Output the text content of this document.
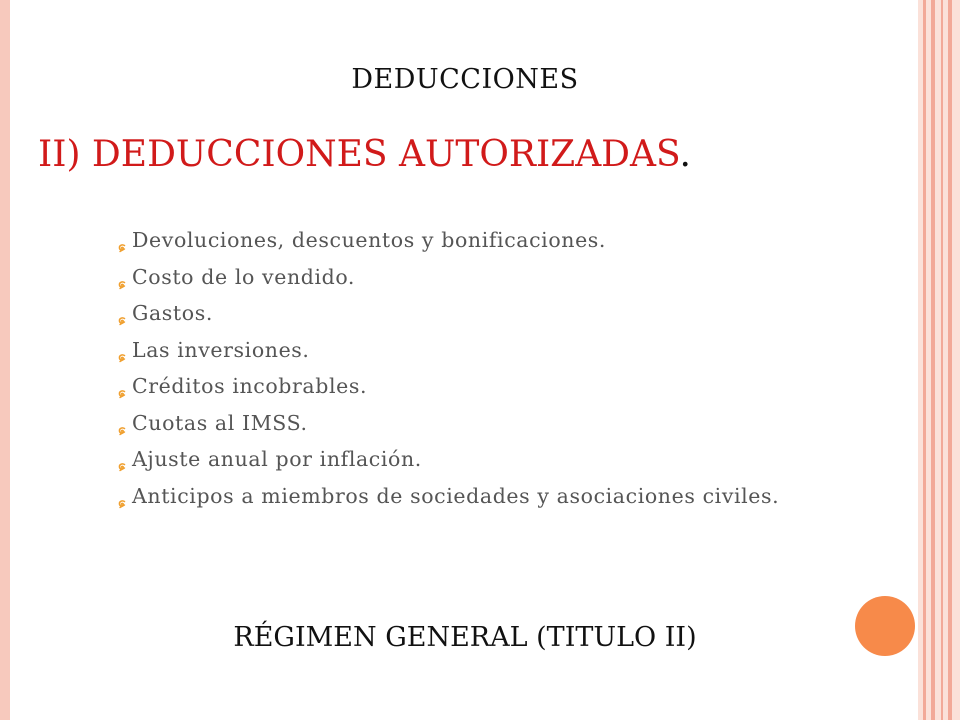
DEDUCCIONES
II) DEDUCCIONES AUTORIZADAS.
Devoluciones, descuentos y bonificaciones.
Costo de lo vendido.
Gastos.
Las inversiones.
Créditos incobrables.
Cuotas al IMSS.
Ajuste anual por inflación.
Anticipos a miembros de sociedades y asociaciones civiles.
RÉGIMEN GENERAL (TITULO II)
